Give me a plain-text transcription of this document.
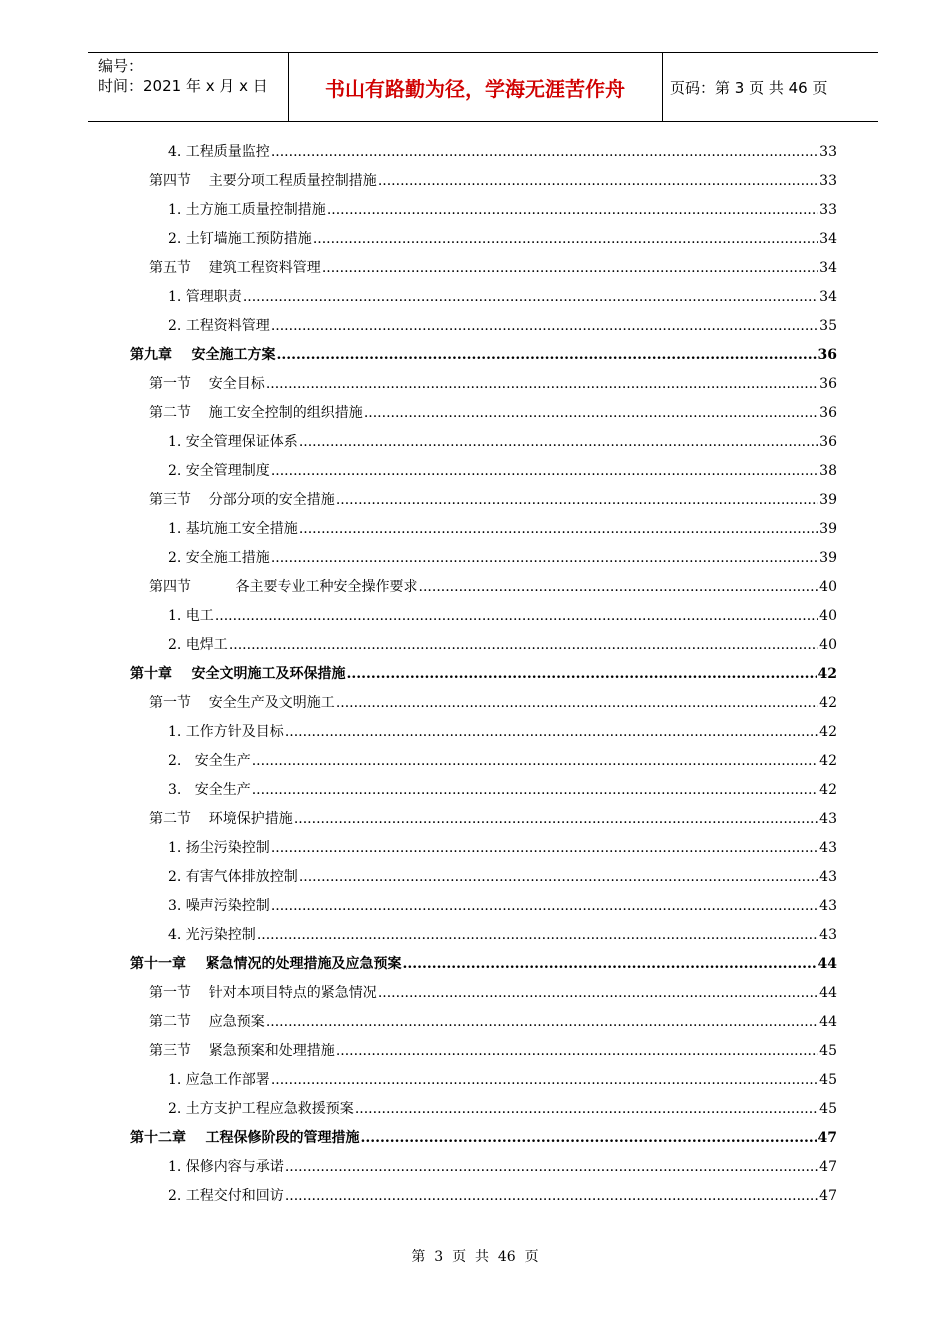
编号：
时间：2021 年 x 月 x 日	书山有路勤为径，学海无涯苦作舟	页码：第 3 页 共 46 页
4. 工程质量监控 .....	33
第四节    主要分项工程质量控制措施 .....	33
1. 土方施工质量控制措施 .....	33
2. 土钉墙施工预防措施 .....	34
第五节    建筑工程资料管理 .....	34
1. 管理职责 .....	34
2. 工程资料管理 .....	35
第九章    安全施工方案 .....	36
第一节    安全目标 .....	36
第二节    施工安全控制的组织措施 .....	36
1. 安全管理保证体系 .....	36
2. 安全管理制度 .....	38
第三节    分部分项的安全措施 .....	39
1. 基坑施工安全措施 .....	39
2. 安全施工措施 .....	39
第四节          各主要专业工种安全操作要求 .....	40
1. 电工 .....	40
2. 电焊工 .....	40
第十章    安全文明施工及环保措施 .....	42
第一节    安全生产及文明施工 .....	42
1. 工作方针及目标 .....	42
2.   安全生产 .....	42
3.   安全生产 .....	42
第二节    环境保护措施 .....	43
1. 扬尘污染控制 .....	43
2. 有害气体排放控制 .....	43
3. 噪声污染控制 .....	43
4. 光污染控制 .....	43
第十一章    紧急情况的处理措施及应急预案 .....	44
第一节    针对本项目特点的紧急情况 .....	44
第二节    应急预案 .....	44
第三节    紧急预案和处理措施 .....	45
1. 应急工作部署 .....	45
2. 土方支护工程应急救援预案 .....	45
第十二章    工程保修阶段的管理措施 .....	47
1. 保修内容与承诺 .....	47
2. 工程交付和回访 .....	47
第  3  页  共  46  页
